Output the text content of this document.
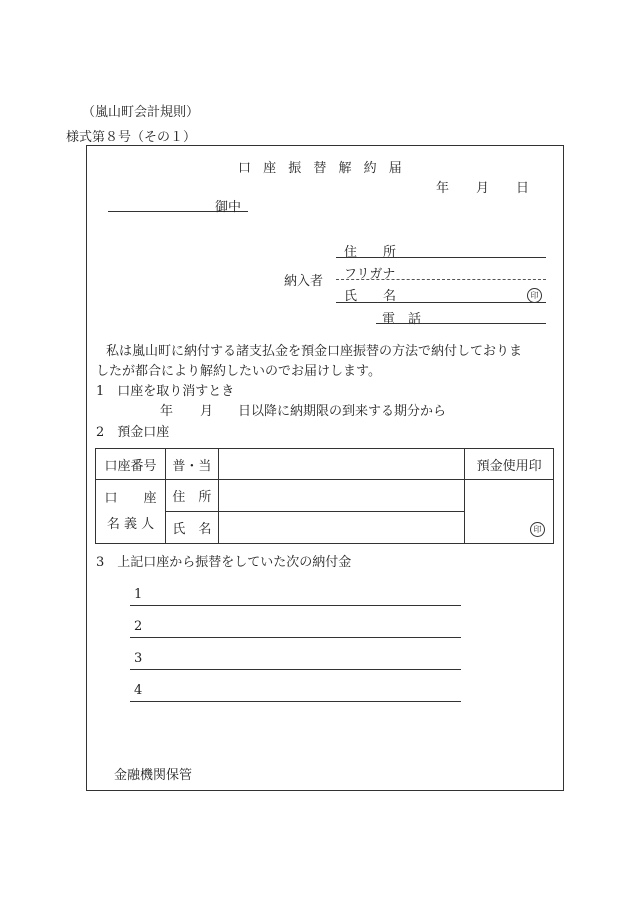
（嵐山町会計規則）
様式第８号（その１）
口 座 振 替 解 約 届
年 月 日
御中
納入者
住　　所
フリガナ
氏　　名	印
電　話
私は嵐山町に納付する諸支払金を預金口座振替の方法で納付しておりま
したが都合により解約したいのでお届けします。
1　口座を取り消すとき
年 月 日以降に納期限の到来する期分から
2　預金口座
口座番号	普・当		預金使用印

口　　座
名 義 人	住　所		印

	氏　名		
3　上記口座から振替をしていた次の納付金
1
2
3
4
金融機関保管
